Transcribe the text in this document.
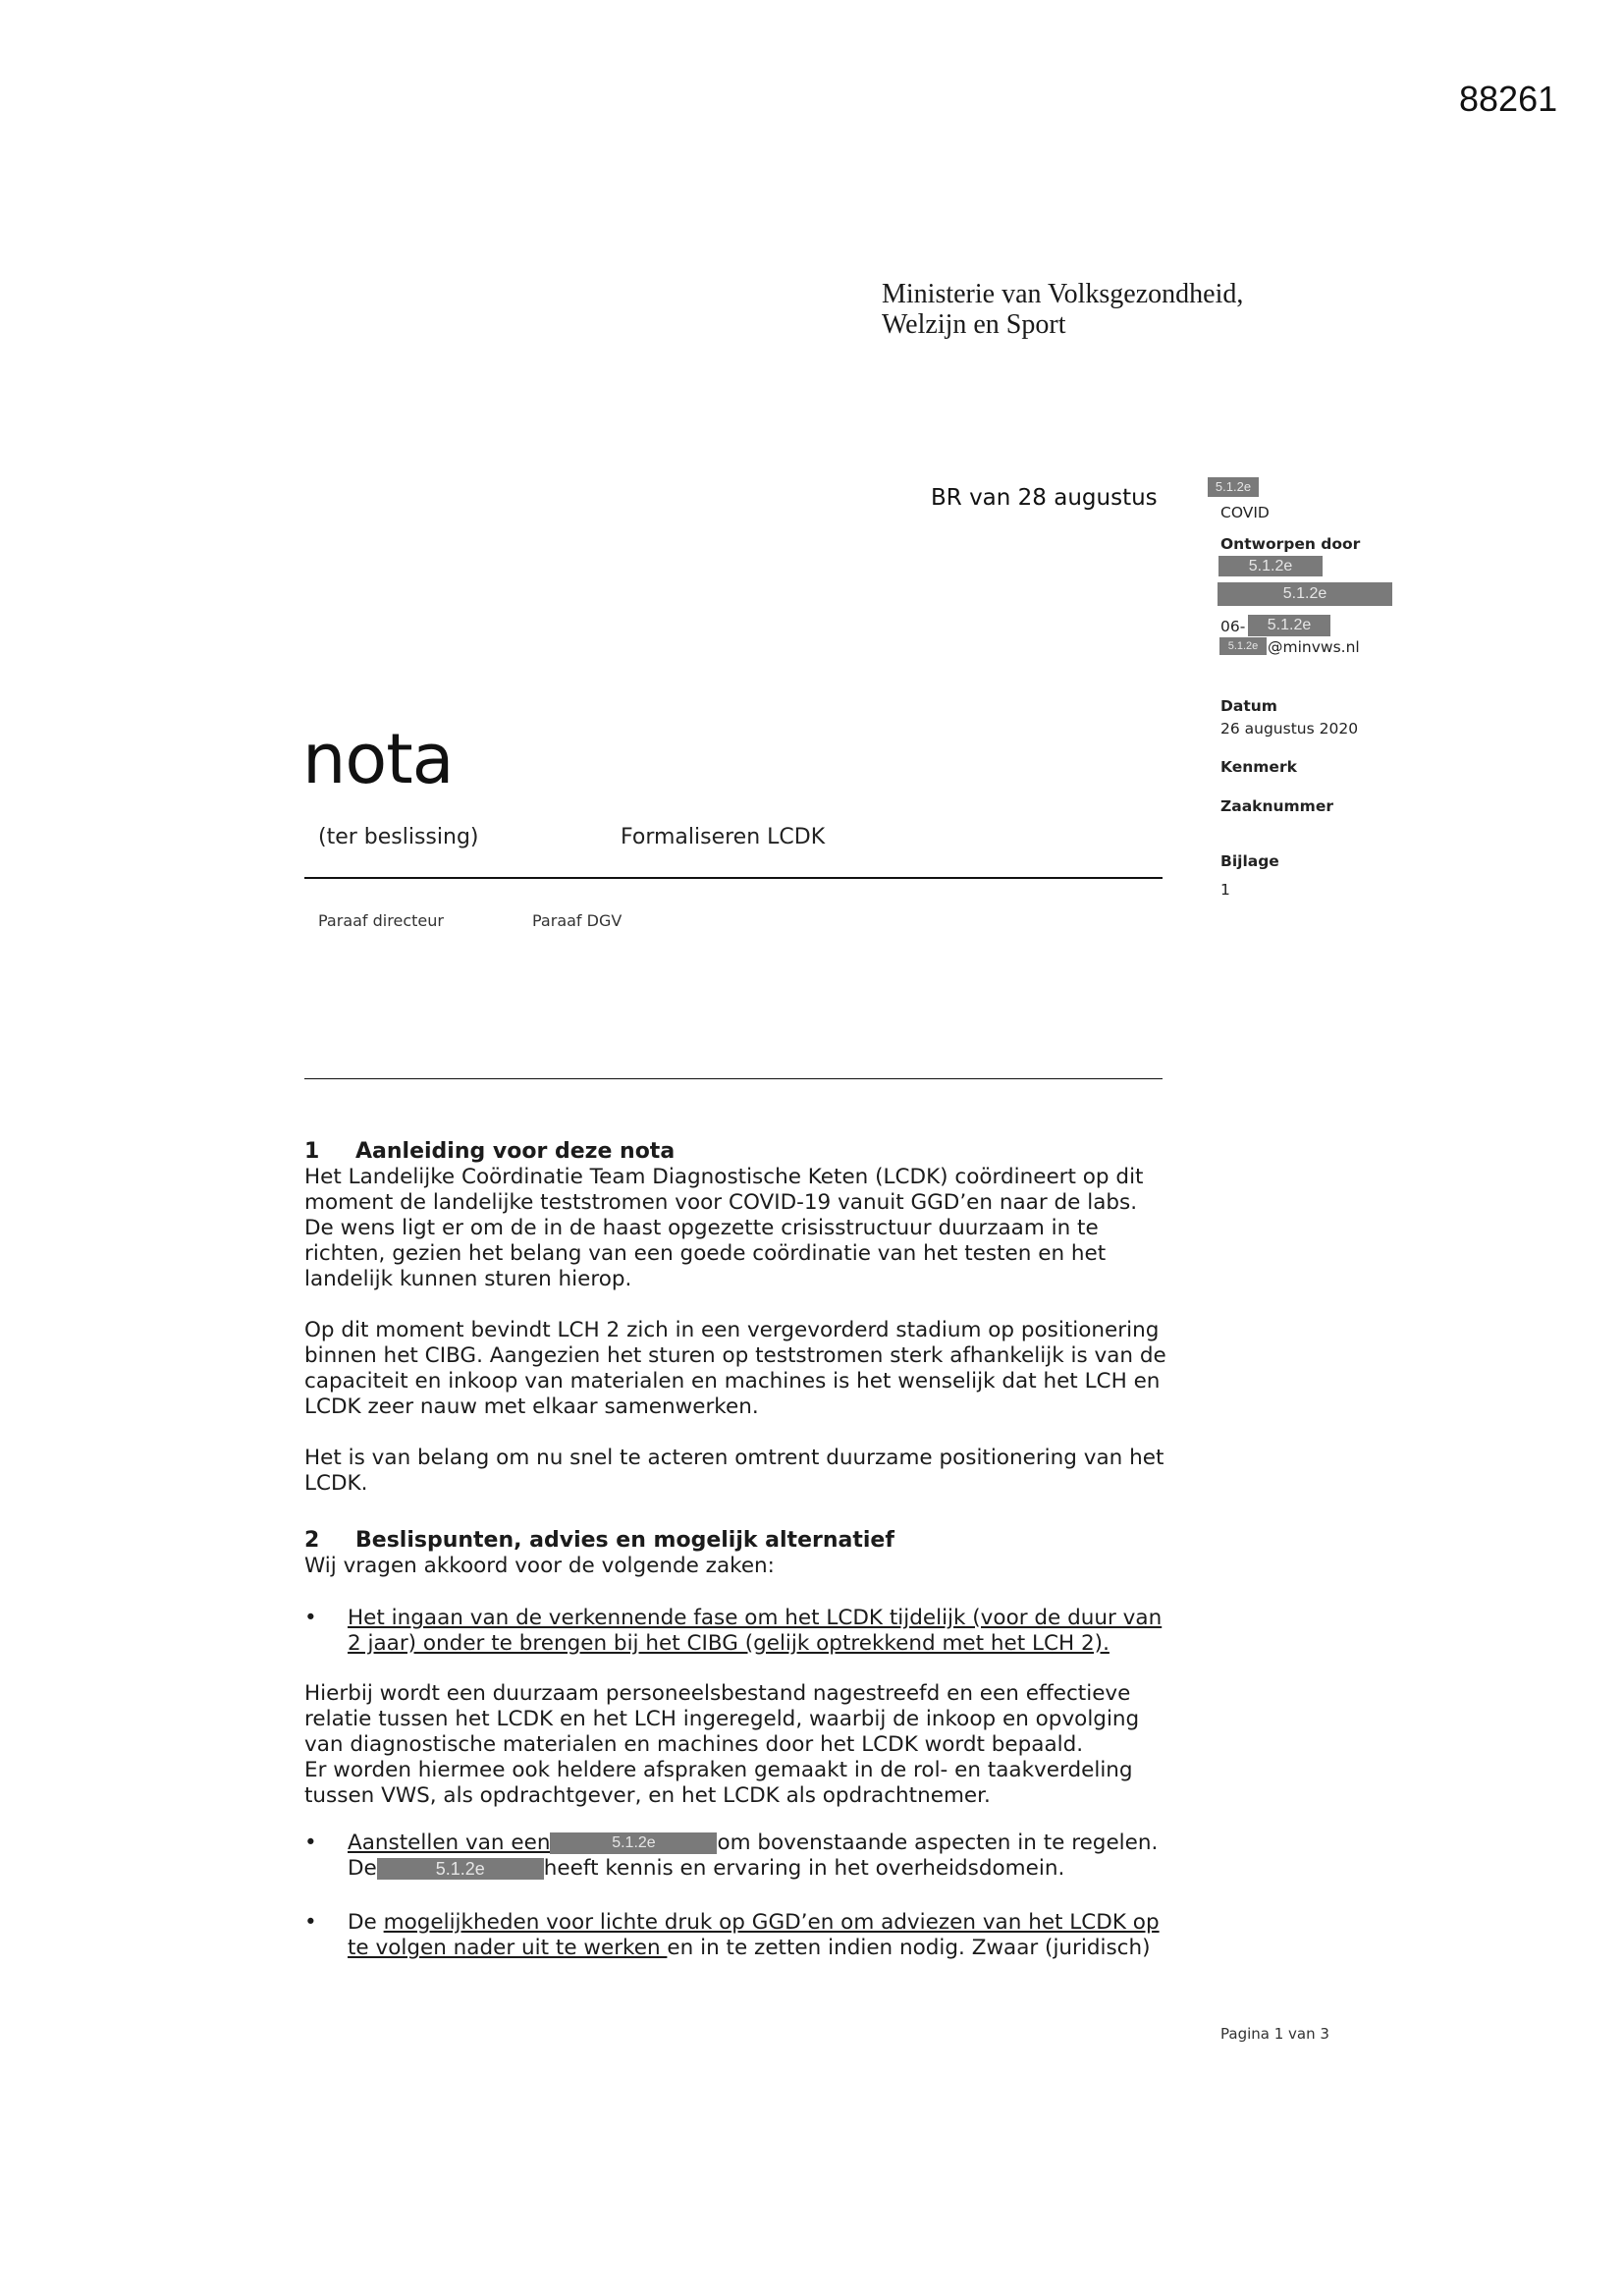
88261
Ministerie van Volksgezondheid,
Welzijn en Sport
BR van 28 augustus	5.1.2e
COVID
Ontworpen door
5.1.2e
5.1.2e
06-	5.1.2e
5.1.2e @minvws.nl
Datum
26 augustus 2020
Kenmerk
Zaaknummer
Bijlage
1
nota
(ter beslissing)	Formaliseren LCDK
Paraaf directeur	Paraaf DGV
1 Aanleiding voor deze nota

Het Landelijke Coördinatie Team Diagnostische Keten (LCDK) coördineert op dit
moment de landelijke teststromen voor COVID-19 vanuit GGD’en naar de labs.
De wens ligt er om de in de haast opgezette crisisstructuur duurzaam in te
richten, gezien het belang van een goede coördinatie van het testen en het
landelijk kunnen sturen hierop.

Op dit moment bevindt LCH 2 zich in een vergevorderd stadium op positionering
binnen het CIBG. Aangezien het sturen op teststromen sterk afhankelijk is van de
capaciteit en inkoop van materialen en machines is het wenselijk dat het LCH en
LCDK zeer nauw met elkaar samenwerken.

Het is van belang om nu snel te acteren omtrent duurzame positionering van het
LCDK.

2 Beslispunten, advies en mogelijk alternatief

Wij vragen akkoord voor de volgende zaken:

• Het ingaan van de verkennende fase om het LCDK tijdelijk (voor de duur van
2 jaar) onder te brengen bij het CIBG (gelijk optrekkend met het LCH 2).
Hierbij wordt een duurzaam personeelsbestand nagestreefd en een effectieve
relatie tussen het LCDK en het LCH ingeregeld, waarbij de inkoop en opvolging
van diagnostische materialen en machines door het LCDK wordt bepaald.
Er worden hiermee ook heldere afspraken gemaakt in de rol- en taakverdeling
tussen VWS, als opdrachtgever, en het LCDK als opdrachtnemer.
• Aanstellen van een	5.1.2e	om bovenstaande aspecten in te regelen.
De	5.1.2e	heeft kennis en ervaring in het overheidsdomein.
• De mogelijkheden voor lichte druk op GGD’en om adviezen van het LCDK op
te volgen nader uit te werken en in te zetten indien nodig. Zwaar (juridisch)
Pagina 1 van 3
